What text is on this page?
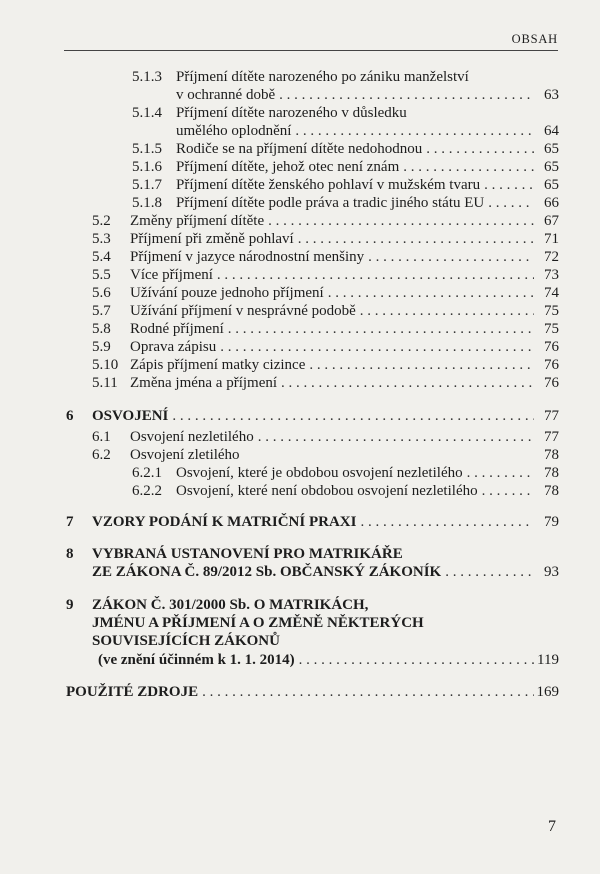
OBSAH
5.1.3 Příjmení dítěte narozeného po zániku manželství
v ochranné době . . .	63
5.1.4 Příjmení dítěte narozeného v důsledku
umělého oplodnění . . .	64
5.1.5 Rodiče se na příjmení dítěte nedohodnou . . .	65
5.1.6 Příjmení dítěte, jehož otec není znám . . .	65
5.1.7 Příjmení dítěte ženského pohlaví v mužském tvaru . . .	65
5.1.8 Příjmení dítěte podle práva a tradic jiného státu EU . . .	66
5.2	Změny příjmení dítěte . . .	67
5.3	Příjmení při změně pohlaví . . .	71
5.4	Příjmení v jazyce národnostní menšiny . . .	72
5.5	Více příjmení . . .	73
5.6	Užívání pouze jednoho příjmení . . .	74
5.7	Užívání příjmení v nesprávné podobě . . .	75
5.8	Rodné příjmení . . .	75
5.9	Oprava zápisu . . .	76
5.10 Zápis příjmení matky cizince . . .	76
5.11 Změna jména a příjmení . . .	76
6	OSVOJENÍ . . .	77
6.1	Osvojení nezletilého . . .	77
6.2	Osvojení zletilého	78
6.2.1 Osvojení, které je obdobou osvojení nezletilého . . .	78
6.2.2 Osvojení, které není obdobou osvojení nezletilého . . .	78
7	VZORY PODÁNÍ K MATRIČNÍ PRAXI . . .	79
8 VYBRANÁ USTANOVENÍ PRO MATRIKÁŘE
ZE ZÁKONA Č. 89/2012 Sb. OBČANSKÝ ZÁKONÍK . . .	93
9 ZÁKON Č. 301/2000 Sb. O MATRIKÁCH,
JMÉNU A PŘÍJMENÍ A O ZMĚNĚ NĚKTERÝCH
SOUVISEJÍCÍCH ZÁKONŮ
(ve znění účinném k 1. 1. 2014) . . .	119
POUŽITÉ ZDROJE . . .	169
7
